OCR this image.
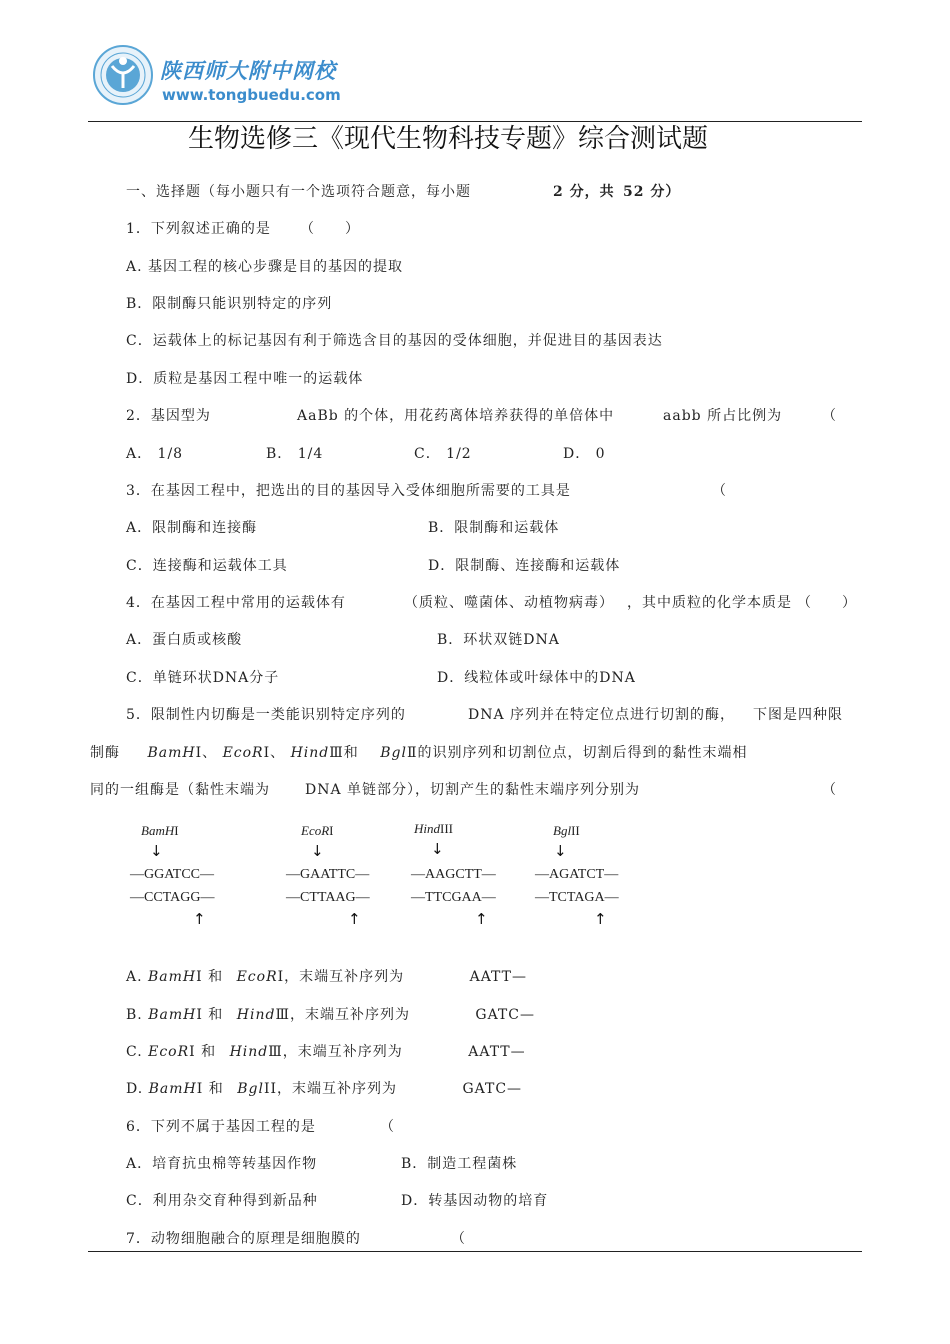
陕西师大附中网校
www.tongbuedu.com
生物选修三《现代生物科技专题》综合测试题
一、选择题（每小题只有一个选项符合题意，每小题	2 分，共 52 分）
1．下列叙述正确的是 （　　）
A. 基因工程的核心步骤是目的基因的提取
B．限制酶只能识别特定的序列
C．运载体上的标记基因有利于筛选含目的基因的受体细胞，并促进目的基因表达
D．质粒是基因工程中唯一的运载体
2．基因型为	AaBb 的个体，用花药离体培养获得的单倍体中	aabb 所占比例为	（
A． 1/8	B． 1/4	C． 1/2	D． 0
3．在基因工程中，把选出的目的基因导入受体细胞所需要的工具是	（
A．限制酶和连接酶	B．限制酶和运载体
C．连接酶和运载体工具	D．限制酶、连接酶和运载体
4．在基因工程中常用的运载体有	（质粒、噬菌体、动植物病毒） ，其中质粒的化学本质是 （　　）
A．蛋白质或核酸	B．环状双链DNA
C．单链环状DNA分子	D．线粒体或叶绿体中的DNA
5．限制性内切酶是一类能识别特定序列的	DNA 序列并在特定位点进行切割的酶， 下图是四种限
制酶 BamHI、 EcoRI、 HindⅢ和 BglⅡ的识别序列和切割位点，切割后得到的黏性末端相
同的一组酶是（黏性末端为	DNA 单链部分），切割产生的黏性末端序列分别为	（
BamHI
↓
—GGATCC—
—CCTAGG—
↑
EcoRI
↓
—GAATTC—
—CTTAAG—
↑
HindIII
↓
—AAGCTT—
—TTCGAA—
↑
BglII
↓
—AGATCT—
—TCTAGA—
↑
A. BamHI 和 EcoRI，末端互补序列为	AATT—
B. BamHI 和 HindⅢ，末端互补序列为	GATC—
C. EcoRI 和 HindⅢ，末端互补序列为	AATT—
D. BamHI 和 BglII，末端互补序列为	GATC—
6．下列不属于基因工程的是	（
A．培育抗虫棉等转基因作物	B．制造工程菌株
C．利用杂交育种得到新品种	D．转基因动物的培育
7．动物细胞融合的原理是细胞膜的	（
